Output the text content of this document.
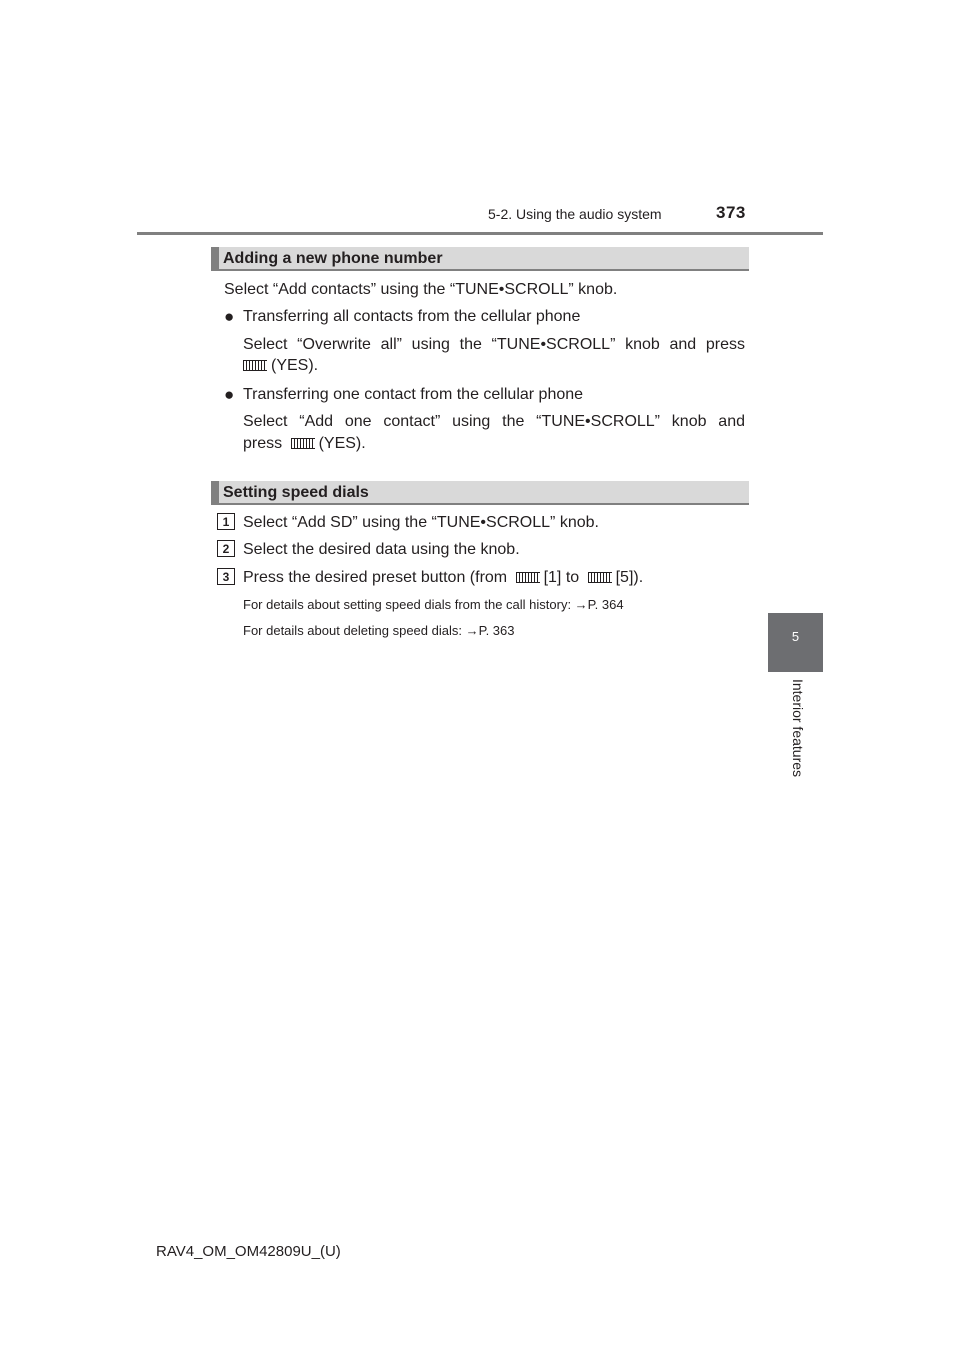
5-2. Using the audio system	373
5
Interior features
Adding a new phone number
Select “Add contacts” using the “TUNE•SCROLL” knob.
● Transferring all contacts from the cellular phone
Select “Overwrite all” using the “TUNE•SCROLL” knob and press
(YES).
● Transferring one contact from the cellular phone
Select “Add one contact” using the “TUNE•SCROLL” knob and
press (YES).
Setting speed dials
1 Select “Add SD” using the “TUNE•SCROLL” knob.
2 Select the desired data using the knob.
3 Press the desired preset button (from [1] to [5]).
For details about setting speed dials from the call history: →P. 364
For details about deleting speed dials: →P. 363
RAV4_OM_OM42809U_(U)
